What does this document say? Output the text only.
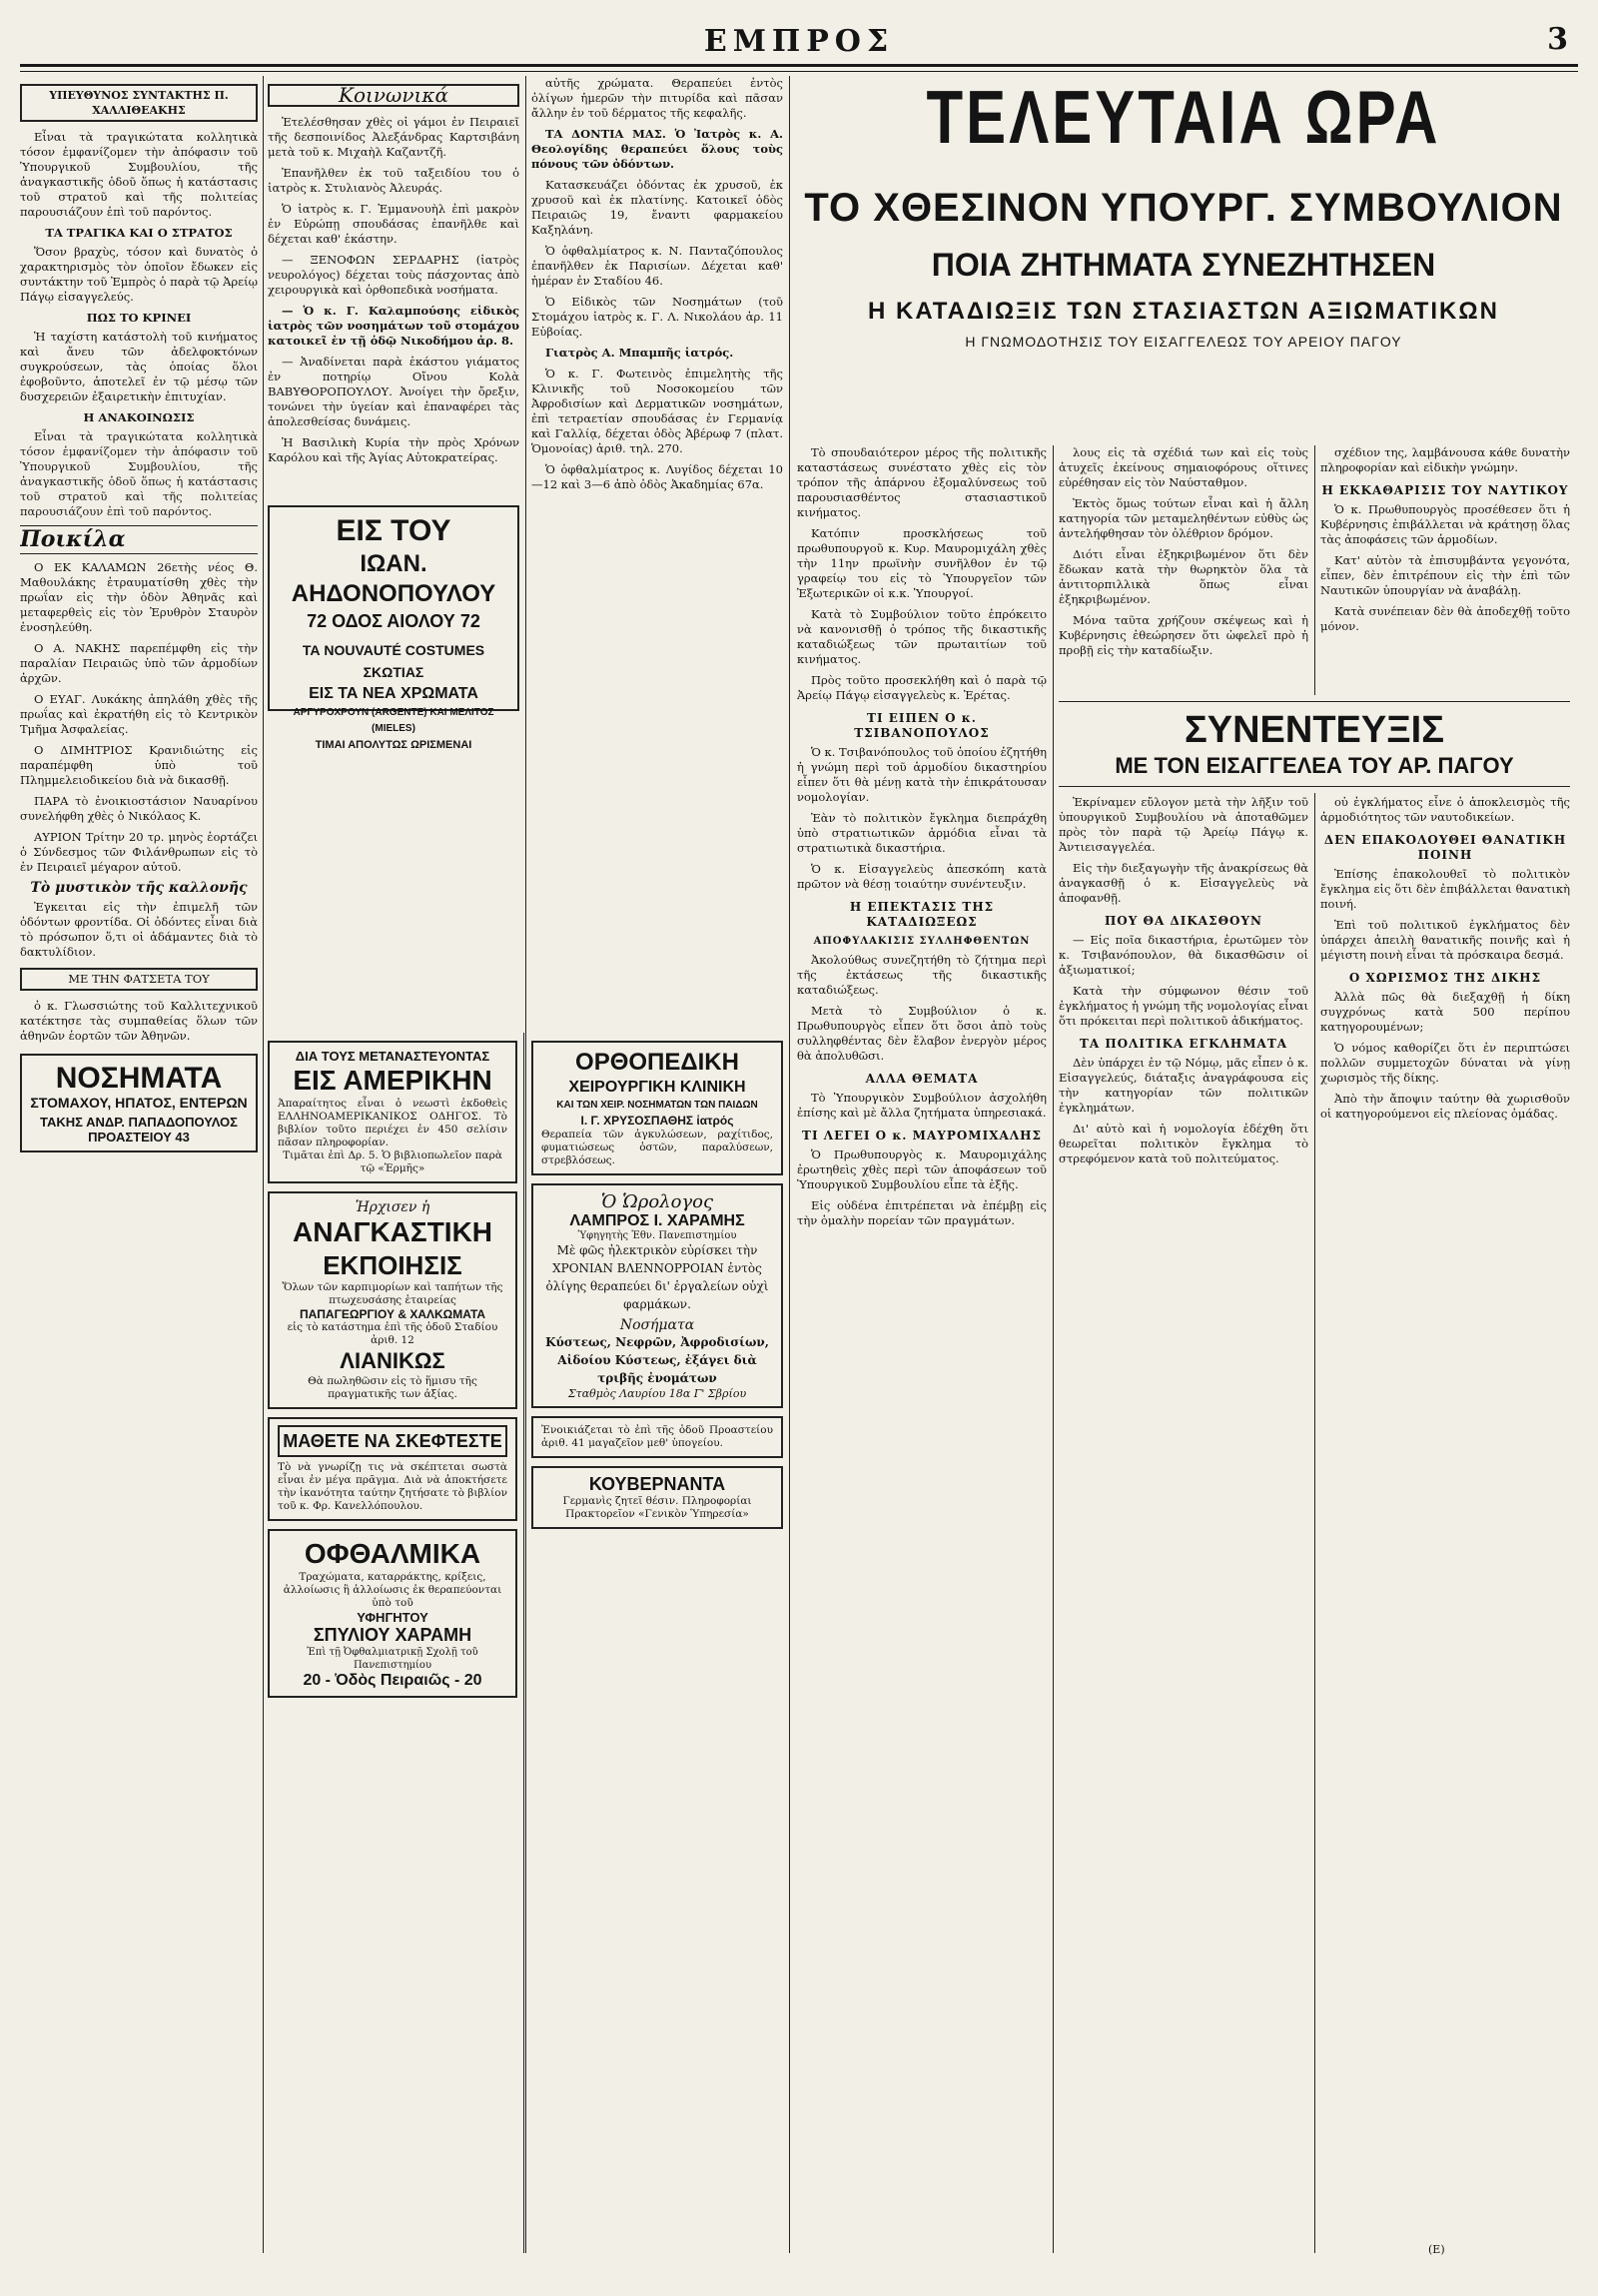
ΕΜΠΡΟΣ	3
ΥΠΕΥΘΥΝΟΣ ΣΥΝΤΑΚΤΗΣ Π. ΧΑΛΛΙΘΕΑΚΗΣ

Εἶναι τὰ τραγικώτατα κολλητικὰ τόσον ἐμφανίζομεν τὴν ἀπόφασιν τοῦ Ὑπουργικοῦ Συμβουλίου, τῆς ἀναγκαστικῆς ὁδοῦ ὅπως ἡ κατάστασις τοῦ στρατοῦ καὶ τῆς πολιτείας παρουσιάζουν ἐπὶ τοῦ παρόντος.

ΤΑ ΤΡΑΓΙΚΑ ΚΑΙ Ο ΣΤΡΑΤΟΣ

Ὅσον βραχὺς, τόσον καὶ δυνατὸς ὁ χαρακτηρισμὸς τὸν ὁποῖον ἔδωκεν εἰς συντάκτην τοῦ Ἐμπρὸς ὁ παρὰ τῷ Ἀρείῳ Πάγῳ εἰσαγγελεύς.

ΠΩΣ ΤΟ ΚΡΙΝΕΙ

Ἡ ταχίστη κατάστολὴ τοῦ κινήματος καὶ ἄνευ τῶν ἀδελφοκτόνων συγκρούσεων, τὰς ὁποίας ὅλοι ἐφοβοῦντο, ἀποτελεῖ ἐν τῷ μέσῳ τῶν δυσχερειῶν ἐξαιρετικὴν ἐπιτυχίαν.

Η ΑΝΑΚΟΙΝΩΣΙΣ

Εἶναι τὰ τραγικώτατα κολλητικὰ τόσον ἐμφανίζομεν τὴν ἀπόφασιν τοῦ Ὑπουργικοῦ Συμβουλίου, τῆς ἀναγκαστικῆς ὁδοῦ ὅπως ἡ κατάστασις τοῦ στρατοῦ καὶ τῆς πολιτείας παρουσιάζουν ἐπὶ τοῦ παρόντος.

Ποικίλα

Ο ΕΚ ΚΑΛΑΜΩΝ 26ετὴς νέος Θ. Μαθουλάκης ἐτραυματίσθη χθὲς τὴν πρωΐαν εἰς τὴν ὁδὸν Ἀθηνᾶς καὶ μεταφερθεὶς εἰς τὸν Ἐρυθρὸν Σταυρὸν ἐνοσηλεύθη.

Ο Α. ΝΑΚΗΣ παρεπέμφθη εἰς τὴν παραλίαν Πειραιῶς ὑπὸ τῶν ἀρμοδίων ἀρχῶν.

Ο ΕΥΑΓ. Λυκάκης ἀπηλάθη χθὲς τῆς πρωΐας καὶ ἐκρατήθη εἰς τὸ Κεντρικὸν Τμῆμα Ἀσφαλείας.

Ο ΔΙΜΗΤΡΙΟΣ Κρανιδιώτης εἰς παραπέμφθη ὑπὸ τοῦ Πλημμελειοδικείου διὰ νὰ δικασθῇ.

ΠΑΡΑ τὸ ἐνοικιοστάσιον Ναυαρίνου συνελήφθη χθὲς ὁ Νικόλαος Κ.

ΑΥΡΙΟΝ Τρίτην 20 τρ. μηνὸς ἑορτάζει ὁ Σύνδεσμος τῶν Φιλάνθρωπων εἰς τὸ ἐν Πειραιεῖ μέγαρον αὐτοῦ.

Τὸ μυστικὸν τῆς καλλονῆς

Ἐγκειται εἰς τὴν ἐπιμελῆ τῶν ὀδόντων φροντίδα. Οἱ ὀδόντες εἶναι διὰ τὸ πρόσωπον ὅ,τι οἱ ἀδάμαντες διὰ τὸ δακτυλίδιον.

ΜΕ ΤΗΝ ΦΑΤΣΕΤΑ ΤΟΥ

ὁ κ. Γλωσσιώτης τοῦ Καλλιτεχνικοῦ κατέκτησε τὰς συμπαθείας ὅλων τῶν ἀθηνῶν ἑορτῶν τῶν Ἀθηνῶν.

ΝΟΣΗΜΑΤΑ
ΣΤΟΜΑΧΟΥ, ΗΠΑΤΟΣ, ΕΝΤΕΡΩΝ
ΤΑΚΗΣ ΑΝΔΡ. ΠΑΠΑΔΟΠΟΥΛΟΣ
ΠΡΟΑΣΤΕΙΟΥ 43
Κοινωνικά

Ἑτελέσθησαν χθὲς οἱ γάμοι ἐν Πειραιεῖ τῆς δεσποινίδος Ἀλεξάνδρας Καρτσιβάνη μετὰ τοῦ κ. Μιχαὴλ Καζαντζῆ.

Ἐπανῆλθεν ἐκ τοῦ ταξειδίου του ὁ ἰατρὸς κ. Στυλιανὸς Ἀλευράς.

Ὁ ἰατρὸς κ. Γ. Ἐμμανουὴλ ἐπὶ μακρὸν ἐν Εὐρώπῃ σπουδάσας ἐπανῆλθε καὶ δέχεται καθ' ἑκάστην.

— ΞΕΝΟΦΩΝ ΣΕΡΔΑΡΗΣ (ἰατρὸς νευρολόγος) δέχεται τοὺς πάσχοντας ἀπὸ χειρουργικὰ καὶ ὀρθοπεδικὰ νοσήματα.

— Ὁ κ. Γ. Καλαμπούσης εἰδικὸς ἰατρὸς τῶν νοσημάτων τοῦ στομάχου κατοικεῖ ἐν τῇ ὁδῷ Νικοδήμου ἀρ. 8.

— Ἀναδίνεται παρὰ ἐκάστου γιάματος ἐν ποτηρίῳ Οἴνου Κολὰ ΒΑΒΥΘΟΡΟΠΟΥΛΟΥ. Ἀνοίγει τὴν ὄρεξιν, τονώνει τὴν ὑγείαν καὶ ἐπαναφέρει τὰς ἀπολεσθείσας δυνάμεις.

Ἡ Βασιλικὴ Κυρία τὴν πρὸς Χρόνων Καρόλου καὶ τῆς Ἀγίας Αὐτοκρατείρας.

ΕΙΣ ΤΟΥ
ΙΩΑΝ. ΑΗΔΟΝΟΠΟΥΛΟΥ
72 ΟΔΟΣ ΑΙΟΛΟΥ 72
ΤΑ NOUVAUTÉ COSTUMES ΣΚΩΤΙΑΣ
ΕΙΣ ΤΑ ΝΕΑ ΧΡΩΜΑΤΑ
ΑΡΓΥΡΟΧΡΟΥΝ (ARGENTE) ΚΑΙ ΜΕΛΙΤΟΣ (MIELES)
ΤΙΜΑΙ ΑΠΟΛΥΤΩΣ ΩΡΙΣΜΕΝΑΙ

αὐτῆς χρώματα. Θεραπεύει ἐντὸς ὀλίγων ἡμερῶν τὴν πιτυρίδα καὶ πᾶσαν ἄλλην ἐν τοῦ δέρματος τῆς κεφαλῆς.

ΤΑ ΔΟΝΤΙΑ ΜΑΣ. Ὁ Ἰατρὸς κ. Α. Θεολογίδης θεραπεύει ὅλους τοὺς πόνους τῶν ὀδόντων.

Κατασκευάζει ὀδόντας ἐκ χρυσοῦ, ἐκ χρυσοῦ καὶ ἐκ πλατίνης. Κατοικεῖ ὁδὸς Πειραιῶς 19, ἔναντι φαρμακείου Καξηλάνη.

Ὁ ὀφθαλμίατρος κ. Ν. Πανταζόπουλος ἐπανῆλθεν ἐκ Παρισίων. Δέχεται καθ' ἡμέραν ἐν Σταδίου 46.

Ὁ Εἰδικὸς τῶν Νοσημάτων (τοῦ Στομάχου ἰατρὸς κ. Γ. Λ. Νικολάου ἀρ. 11 Εὐβοίας.

Γιατρὸς Α. Μπαμπῆς ἰατρός.

Ὁ κ. Γ. Φωτεινὸς ἐπιμελητὴς τῆς Κλινικῆς τοῦ Νοσοκομείου τῶν Ἀφροδισίων καὶ Δερματικῶν νοσημάτων, ἐπὶ τετραετίαν σπουδάσας ἐν Γερμανίᾳ καὶ Γαλλίᾳ, δέχεται ὁδὸς Ἀβέρωφ 7 (πλατ. Ὁμονοίας) ἀριθ. τηλ. 270.

Ὁ ὀφθαλμίατρος κ. Λυγίδος δέχεται 10—12 καὶ 3—6 ἀπὸ ὁδὸς Ἀκαδημίας 67α.

ΔΙΑ ΤΟΥΣ ΜΕΤΑΝΑΣΤΕΥΟΝΤΑΣ
ΕΙΣ ΑΜΕΡΙΚΗΝ
Ἀπαραίτητος εἶναι ὁ νεωστὶ ἐκδοθεὶς ΕΛΛΗΝΟΑΜΕΡΙΚΑΝΙΚΟΣ ΟΔΗΓΟΣ. Τὸ βιβλίον τοῦτο περιέχει ἐν 450 σελίσιν πᾶσαν πληροφορίαν.
Τιμᾶται ἐπὶ Δρ. 5. Ὁ βιβλιοπωλεῖον παρὰ τῷ «Ἑρμῆς»
Ἡρχισεν ἡ
ΑΝΑΓΚΑΣΤΙΚΗ
ΕΚΠΟΙΗΣΙΣ
Ὅλων τῶν καρπιμορίων καὶ ταπήτων τῆς πτωχευσάσης ἑταιρείας
ΠΑΠΑΓΕΩΡΓΙΟΥ & ΧΑΛΚΩΜΑΤΑ
εἰς τὸ κατάστημα ἐπὶ τῆς ὁδοῦ Σταδίου ἀριθ. 12
ΛΙΑΝΙΚΩΣ
Θὰ πωληθῶσιν εἰς τὸ ἥμισυ τῆς πραγματικῆς των ἀξίας.
ΜΑΘΕΤΕ ΝΑ ΣΚΕΦΤΕΣΤΕ
Τὸ νὰ γνωρίζῃ τις νὰ σκέπτεται σωστὰ εἶναι ἐν μέγα πρᾶγμα. Διὰ νὰ ἀποκτήσετε τὴν ἱκανότητα ταύτην ζητήσατε τὸ βιβλίον τοῦ κ. Φρ. Κανελλόπουλου.
ΟΦΘΑΛΜΙΚΑ
Τραχώματα, καταρράκτης, κρίξεις, ἀλλοίωσις ἢ ἀλλοίωσις ἐκ θεραπεύονται ὑπὸ τοῦ
ΥΦΗΓΗΤΟΥ
ΣΠΥΛΙΟΥ ΧΑΡΑΜΗ
Ἐπὶ τῇ Ὀφθαλμιατρικῇ Σχολῇ τοῦ Πανεπιστημίου
20 - Ὁδὸς Πειραιῶς - 20
ΟΡΘΟΠΕΔΙΚΗ
ΧΕΙΡΟΥΡΓΙΚΗ ΚΛΙΝΙΚΗ
ΚΑΙ ΤΩΝ ΧΕΙΡ. ΝΟΣΗΜΑΤΩΝ ΤΩΝ ΠΑΙΔΩΝ
Ι. Γ. ΧΡΥΣΟΣΠΑΘΗΣ ἰατρός
Θεραπεία τῶν ἀγκυλώσεων, ραχίτιδος, φυματιώσεως ὀστῶν, παραλύσεων, στρεβλόσεως.
Ὁ Ὡρολογος
ΛΑΜΠΡΟΣ Ι. ΧΑΡΑΜΗΣ
Ὑφηγητὴς Ἐθν. Πανεπιστημίου
Μὲ φῶς ἠλεκτρικὸν εὐρίσκει τὴν ΧΡΟΝΙΑΝ ΒΛΕΝΝΟΡΡΟΙΑΝ ἐντὸς ὀλίγης θεραπεύει δι' ἐργαλείων οὐχὶ φαρμάκων.
Νοσήματα
Κύστεως, Νεφρῶν, Ἀφροδισίων, Αἰδοίου Κύστεως, ἐξάγει διὰ τριβῆς ἐνομάτων
Σταθμὸς Λαυρίου 18α Γ' Σβρίου
Ἐνοικιάζεται τὸ ἐπὶ τῆς ὁδοῦ Προαστείου ἀριθ. 41 μαγαζεῖον μεθ' ὑπογείου.
ΚΟΥΒΕΡΝΑΝΤΑ
Γερμανὶς ζητεῖ θέσιν. Πληροφορίαι Πρακτορεῖον «Γενικὸν Ὑπηρεσία»
ΤΕΛΕΥΤΑΙΑ ΩΡΑ
ΤΟ ΧΘΕΣΙΝΟΝ ΥΠΟΥΡΓ. ΣΥΜΒΟΥΛΙΟΝ
ΠΟΙΑ ΖΗΤΗΜΑΤΑ ΣΥΝΕΖΗΤΗΣΕΝ
Η ΚΑΤΑΔΙΩΞΙΣ ΤΩΝ ΣΤΑΣΙΑΣΤΩΝ ΑΞΙΩΜΑΤΙΚΩΝ
Η ΓΝΩΜΟΔΟΤΗΣΙΣ ΤΟΥ ΕΙΣΑΓΓΕΛΕΩΣ ΤΟΥ ΑΡΕΙΟΥ ΠΑΓΟΥ

Τὸ σπουδαιότερον μέρος τῆς πολιτικῆς καταστάσεως συνέστατο χθὲς εἰς τὸν τρόπον τῆς ἀπάρνου ἐξομαλύνσεως τοῦ παρουσιασθέντος στασιαστικοῦ κινήματος.

Κατόπιν προσκλήσεως τοῦ πρωθυπουργοῦ κ. Κυρ. Μαυρομιχάλη χθὲς τὴν 11ην πρωϊνὴν συνῆλθον ἐν τῷ γραφείῳ του εἰς τὸ Ὑπουργεῖον τῶν Ἐξωτερικῶν οἱ κ.κ. Ὑπουργοί.

Κατὰ τὸ Συμβούλιον τοῦτο ἐπρόκειτο νὰ κανονισθῇ ὁ τρόπος τῆς δικαστικῆς καταδιώξεως τῶν πρωταιτίων τοῦ κινήματος.

Πρὸς τοῦτο προσεκλήθη καὶ ὁ παρὰ τῷ Ἀρείῳ Πάγῳ εἰσαγγελεὺς κ. Ἐρέτας.

ΤΙ ΕΙΠΕΝ Ο κ. ΤΣΙΒΑΝΟΠΟΥΛΟΣ

Ὁ κ. Τσιβανόπουλος τοῦ ὁποίου ἐζητήθη ἡ γνώμη περὶ τοῦ ἁρμοδίου δικαστηρίου εἶπεν ὅτι θὰ μένῃ κατὰ τὴν ἐπικράτουσαν νομολογίαν.

Ἐὰν τὸ πολιτικὸν ἔγκλημα διεπράχθη ὑπὸ στρατιωτικῶν ἁρμόδια εἶναι τὰ στρατιωτικὰ δικαστήρια.

Ὁ κ. Εἰσαγγελεὺς ἀπεσκόπη κατὰ πρῶτον νὰ θέσῃ τοιαύτην συνέντευξιν.

Η ΕΠΕΚΤΑΣΙΣ ΤΗΣ ΚΑΤΑΔΙΩΞΕΩΣ
ΑΠΟΦΥΛΑΚΙΣΙΣ ΣΥΛΛΗΦΘΕΝΤΩΝ

Ἀκολούθως συνεζητήθη τὸ ζήτημα περὶ τῆς ἐκτάσεως τῆς δικαστικῆς καταδιώξεως.

Μετὰ τὸ Συμβούλιον ὁ κ. Πρωθυπουργὸς εἶπεν ὅτι ὅσοι ἀπὸ τοὺς συλληφθέντας δὲν ἔλαβον ἐνεργὸν μέρος θὰ ἀπολυθῶσι.

ΑΛΛΑ ΘΕΜΑΤΑ

Τὸ Ὑπουργικὸν Συμβούλιον ἀσχολήθη ἐπίσης καὶ μὲ ἄλλα ζητήματα ὑπηρεσιακά.

ΤΙ ΛΕΓΕΙ Ο κ. ΜΑΥΡΟΜΙΧΑΛΗΣ

Ὁ Πρωθυπουργὸς κ. Μαυρομιχάλης ἐρωτηθεὶς χθὲς περὶ τῶν ἀποφάσεων τοῦ Ὑπουργικοῦ Συμβουλίου εἶπε τὰ ἑξῆς.

Εἰς οὐδένα ἐπιτρέπεται νὰ ἐπέμβῃ εἰς τὴν ὁμαλὴν πορείαν τῶν πραγμάτων.

λους εἰς τὰ σχέδιά των καὶ εἰς τοὺς ἀτυχεῖς ἐκείνους σημαιοφόρους οἵτινες εὑρέθησαν εἰς τὸν Ναύσταθμον.

Ἐκτὸς ὅμως τούτων εἶναι καὶ ἡ ἄλλη κατηγορία τῶν μεταμεληθέντων εὐθὺς ὡς ἀντελήφθησαν τὸν ὀλέθριον δρόμον.

Διότι εἶναι ἐξηκριβωμένον ὅτι δὲν ἔδωκαν κατὰ τὴν θωρηκτὸν ὅλα τὰ ἀντιτορπιλλικὰ ὅπως εἶναι ἐξηκριβωμένον.

Μόνα ταῦτα χρήζουν σκέψεως καὶ ἡ Κυβέρνησις ἐθεώρησεν ὅτι ὠφελεῖ πρὸ ἡ προβῇ εἰς τὴν καταδίωξιν.

ΣΥΝΕΝΤΕΥΞΙΣ
ΜΕ ΤΟΝ ΕΙΣΑΓΓΕΛΕΑ ΤΟΥ ΑΡ. ΠΑΓΟΥ

Ἐκρίναμεν εὔλογον μετὰ τὴν λῆξιν τοῦ ὑπουργικοῦ Συμβουλίου νὰ ἀποταθῶμεν πρὸς τὸν παρὰ τῷ Ἀρείῳ Πάγῳ κ. Ἀντιεισαγγελέα.

Εἰς τὴν διεξαγωγὴν τῆς ἀνακρίσεως θὰ ἀναγκασθῇ ὁ κ. Εἰσαγγελεὺς νὰ ἀποφανθῇ.

ΠΟΥ ΘΑ ΔΙΚΑΣΘΟΥΝ

— Εἰς ποῖα δικαστήρια, ἐρωτῶμεν τὸν κ. Τσιβανόπουλον, θὰ δικασθῶσιν οἱ ἀξιωματικοί;

Κατὰ τὴν σύμφωνον θέσιν τοῦ ἐγκλήματος ἡ γνώμη τῆς νομολογίας εἶναι ὅτι πρόκειται περὶ πολιτικοῦ ἀδικήματος.

ΤΑ ΠΟΛΙΤΙΚΑ ΕΓΚΛΗΜΑΤΑ

Δὲν ὑπάρχει ἐν τῷ Νόμῳ, μᾶς εἶπεν ὁ κ. Εἰσαγγελεύς, διάταξις ἀναγράφουσα εἰς τὴν κατηγορίαν τῶν πολιτικῶν ἐγκλημάτων.

Δι' αὐτὸ καὶ ἡ νομολογία ἐδέχθη ὅτι θεωρεῖται πολιτικὸν ἔγκλημα τὸ στρεφόμενον κατὰ τοῦ πολιτεύματος.

σχέδιον της, λαμβάνουσα κάθε δυνατὴν πληροφορίαν καὶ εἰδικὴν γνώμην.

Η ΕΚΚΑΘΑΡΙΣΙΣ ΤΟΥ ΝΑΥΤΙΚΟΥ

Ὁ κ. Πρωθυπουργὸς προσέθεσεν ὅτι ἡ Κυβέρνησις ἐπιβάλλεται νὰ κράτησῃ ὅλας τὰς ἀποφάσεις τῶν ἁρμοδίων.

Κατ' αὐτὸν τὰ ἐπισυμβάντα γεγονότα, εἶπεν, δὲν ἐπιτρέπουν εἰς τὴν ἐπὶ τῶν Ναυτικῶν ὑπουργίαν νὰ ἀναβάλῃ.

Κατὰ συνέπειαν δὲν θὰ ἀποδεχθῇ τοῦτο μόνον.

οὐ ἐγκλήματος εἶνε ὁ ἀποκλεισμὸς τῆς ἁρμοδιότητος τῶν ναυτοδικείων.

ΔΕΝ ΕΠΑΚΟΛΟΥΘΕΙ ΘΑΝΑΤΙΚΗ ΠΟΙΝΗ

Ἐπίσης ἐπακολουθεῖ τὸ πολιτικὸν ἔγκλημα εἰς ὅτι δὲν ἐπιβάλλεται θανατικὴ ποινή.

Ἐπὶ τοῦ πολιτικοῦ ἐγκλήματος δὲν ὑπάρχει ἀπειλὴ θανατικῆς ποινῆς καὶ ἡ μέγιστη ποινὴ εἶναι τὰ πρόσκαιρα δεσμά.

Ο ΧΩΡΙΣΜΟΣ ΤΗΣ ΔΙΚΗΣ

Ἀλλὰ πῶς θὰ διεξαχθῇ ἡ δίκη συγχρόνως κατὰ 500 περίπου κατηγορουμένων;

Ὁ νόμος καθορίζει ὅτι ἐν περιπτώσει πολλῶν συμμετοχῶν δύναται νὰ γίνῃ χωρισμὸς τῆς δίκης.

Ἀπὸ τὴν ἄποψιν ταύτην θὰ χωρισθοῦν οἱ κατηγορούμενοι εἰς πλείονας ὁμάδας.

(Ε)
